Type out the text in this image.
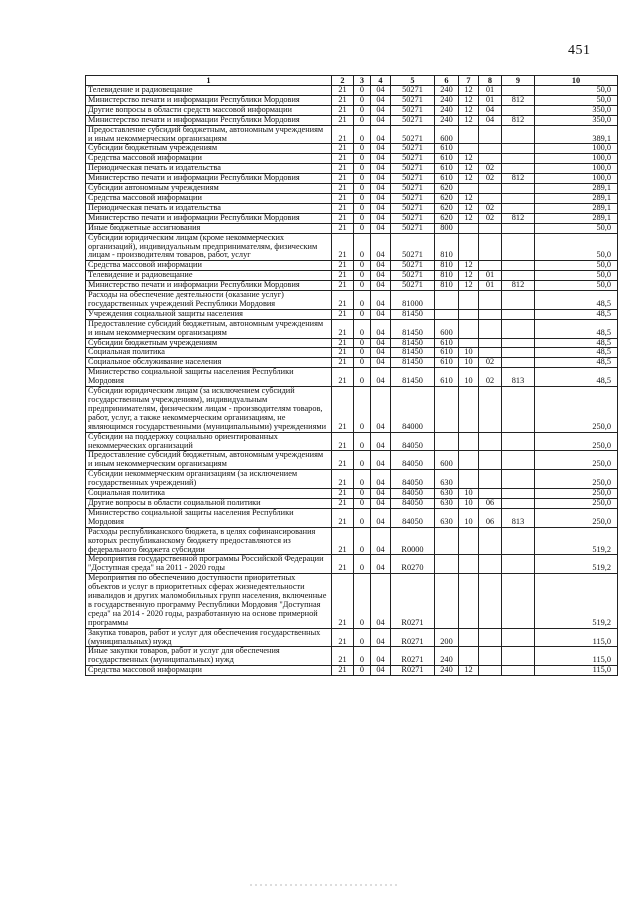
451
1	2	3	4	5	6	7	8	9	10
Телевидение и радиовещание	21	0	04	50271	240	12	01		50,0
Министерство печати и информации Республики Мордовия	21	0	04	50271	240	12	01	812	50,0
Другие вопросы в области средств массовой информации	21	0	04	50271	240	12	04		350,0
Министерство печати и информации Республики Мордовия	21	0	04	50271	240	12	04	812	350,0
Предоставление субсидий бюджетным, автономным учреждениям и иным некоммерческим организациям	21	0	04	50271	600				389,1
Субсидии бюджетным учреждениям	21	0	04	50271	610				100,0
Средства массовой информации	21	0	04	50271	610	12			100,0
Периодическая печать и издательства	21	0	04	50271	610	12	02		100,0
Министерство печати и информации Республики Мордовия	21	0	04	50271	610	12	02	812	100,0
Субсидии автономным учреждениям	21	0	04	50271	620				289,1
Средства массовой информации	21	0	04	50271	620	12			289,1
Периодическая печать и издательства	21	0	04	50271	620	12	02		289,1
Министерство печати и информации Республики Мордовия	21	0	04	50271	620	12	02	812	289,1
Иные бюджетные ассигнования	21	0	04	50271	800				50,0
Субсидии юридическим лицам (кроме некоммерческих организаций), индивидуальным предпринимателям, физическим лицам - производителям товаров, работ, услуг	21	0	04	50271	810				50,0
Средства массовой информации	21	0	04	50271	810	12			50,0
Телевидение и радиовещание	21	0	04	50271	810	12	01		50,0
Министерство печати и информации Республики Мордовия	21	0	04	50271	810	12	01	812	50,0
Расходы на обеспечение деятельности (оказание услуг) государственных учреждений Республики Мордовия	21	0	04	81000					48,5
Учреждения социальной защиты населения	21	0	04	81450					48,5
Предоставление субсидий бюджетным, автономным учреждениям и иным некоммерческим организациям	21	0	04	81450	600				48,5
Субсидии бюджетным учреждениям	21	0	04	81450	610				48,5
Социальная политика	21	0	04	81450	610	10			48,5
Социальное обслуживание населения	21	0	04	81450	610	10	02		48,5
Министерство социальной защиты населения Республики Мордовия	21	0	04	81450	610	10	02	813	48,5
Субсидии юридическим лицам (за исключением субсидий государственным учреждениям), индивидуальным предпринимателям, физическим лицам - производителям товаров, работ, услуг, а также некоммерческим организациям, не являющимся государственными (муниципальными) учреждениями	21	0	04	84000					250,0
Субсидии на поддержку социально ориентированных некоммерческих организаций	21	0	04	84050					250,0
Предоставление субсидий бюджетным, автономным учреждениям и иным некоммерческим организациям	21	0	04	84050	600				250,0
Субсидии некоммерческим организациям (за исключением государственных учреждений)	21	0	04	84050	630				250,0
Социальная политика	21	0	04	84050	630	10			250,0
Другие вопросы в области социальной политики	21	0	04	84050	630	10	06		250,0
Министерство социальной защиты населения Республики Мордовия	21	0	04	84050	630	10	06	813	250,0
Расходы республиканского бюджета, в целях софинансирования которых республиканскому бюджету предоставляются из федерального бюджета субсидии	21	0	04	R0000					519,2
Мероприятия государственной программы Российской Федерации "Доступная среда" на 2011 - 2020 годы	21	0	04	R0270					519,2
Мероприятия по обеспечению доступности приоритетных объектов и услуг в приоритетных сферах жизнедеятельности инвалидов и других маломобильных групп населения, включенные в государственную программу Республики Мордовия "Доступная среда" на 2014 - 2020 годы, разработанную на основе примерной программы	21	0	04	R0271					519,2
Закупка товаров, работ и услуг для обеспечения государственных (муниципальных) нужд	21	0	04	R0271	200				115,0
Иные закупки товаров, работ и услуг для обеспечения государственных (муниципальных) нужд	21	0	04	R0271	240				115,0
Средства массовой информации	21	0	04	R0271	240	12			115,0
